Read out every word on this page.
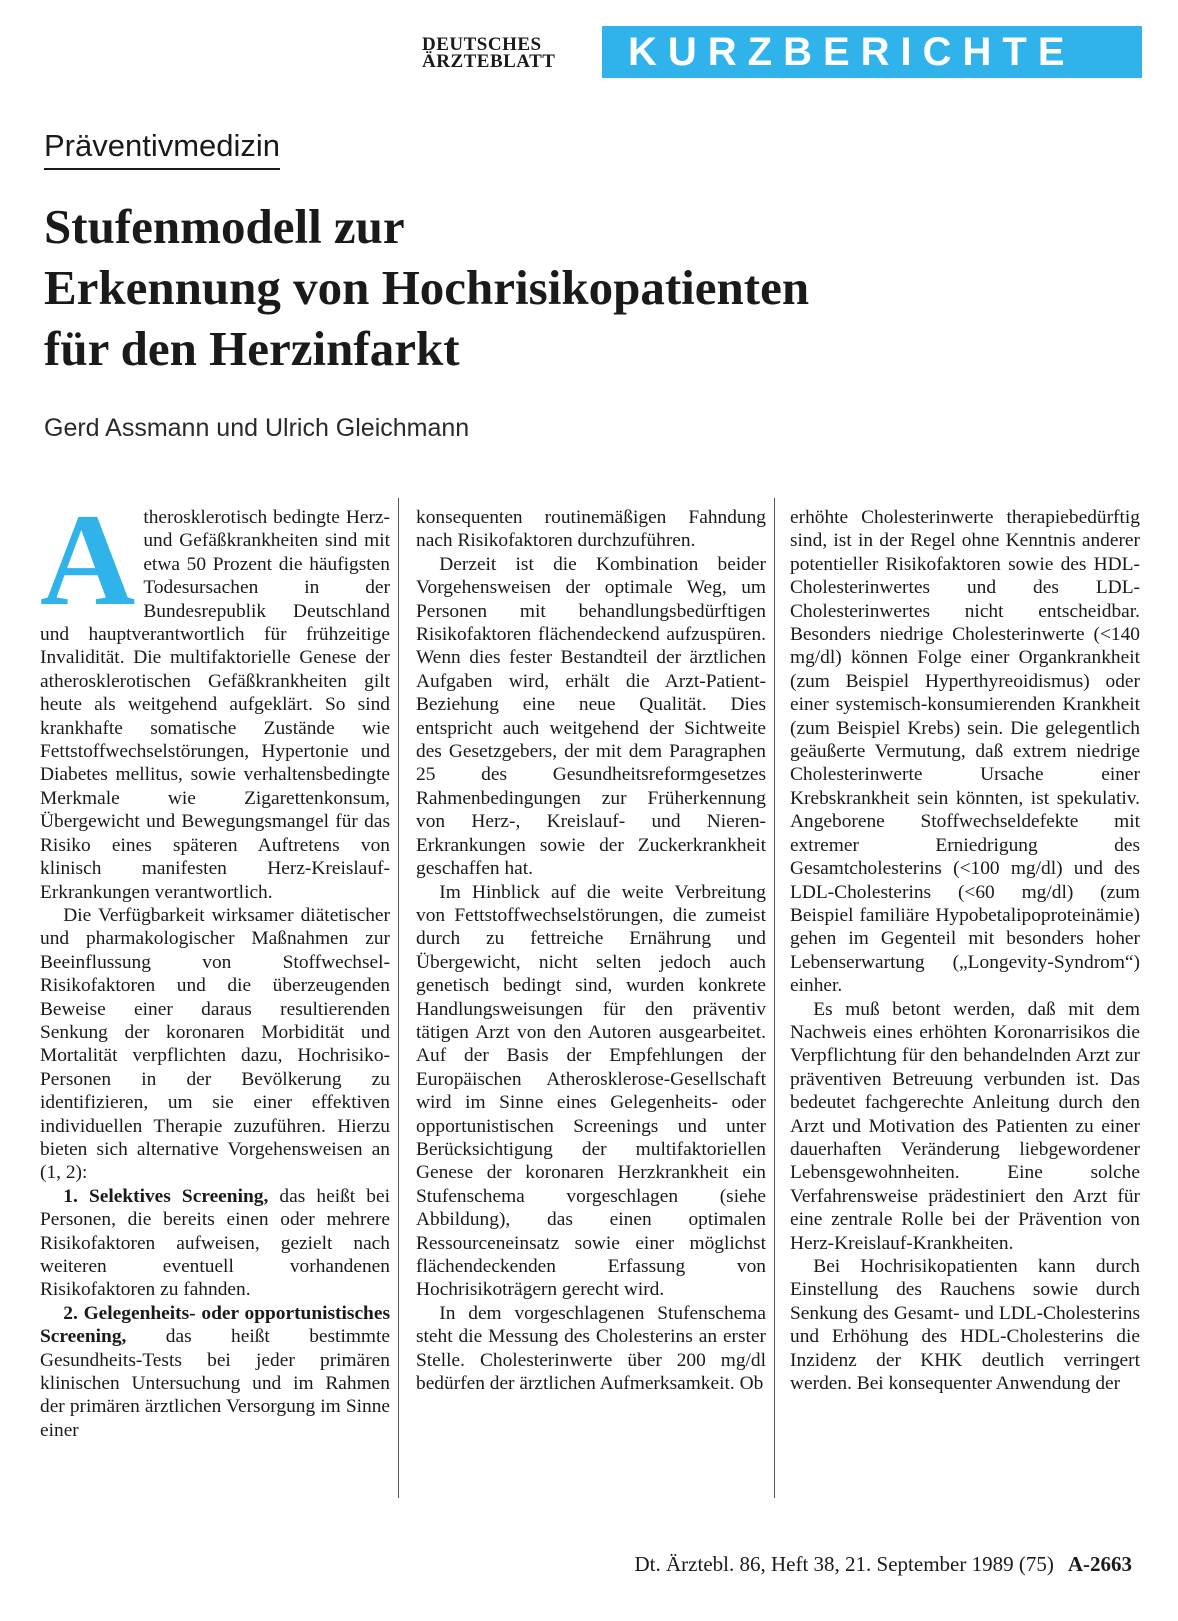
DEUTSCHES
ÄRZTEBLATT	KURZBERICHTE
Präventivmedizin
Stufenmodell zur
Erkennung von Hochrisikopatienten
für den Herzinfarkt
Gerd Assmann und Ulrich Gleichmann

Atherosklerotisch bedingte Herz- und Gefäßkrankheiten sind mit etwa 50 Prozent die häufigsten Todesursachen in der Bundesrepublik Deutschland und hauptverantwortlich für frühzeitige Invalidität. Die multifaktorielle Genese der atherosklerotischen Gefäßkrankheiten gilt heute als weitgehend aufgeklärt. So sind krankhafte somatische Zustände wie Fettstoffwechselstörungen, Hypertonie und Diabetes mellitus, sowie verhaltensbedingte Merkmale wie Zigarettenkonsum, Übergewicht und Bewegungsmangel für das Risiko eines späteren Auftretens von klinisch manifesten Herz-Kreislauf-Erkrankungen verantwortlich.

Die Verfügbarkeit wirksamer diätetischer und pharmakologischer Maßnahmen zur Beeinflussung von Stoffwechsel-Risikofaktoren und die überzeugenden Beweise einer daraus resultierenden Senkung der koronaren Morbidität und Mortalität verpflichten dazu, Hochrisiko-Personen in der Bevölkerung zu identifizieren, um sie einer effektiven individuellen Therapie zuzuführen. Hierzu bieten sich alternative Vorgehensweisen an (1, 2):

1. Selektives Screening, das heißt bei Personen, die bereits einen oder mehrere Risikofaktoren aufweisen, gezielt nach weiteren eventuell vorhandenen Risikofaktoren zu fahnden.

2. Gelegenheits- oder opportunistisches Screening, das heißt bestimmte Gesundheits-Tests bei jeder primären klinischen Untersuchung und im Rahmen der primären ärztlichen Versorgung im Sinne einer

konsequenten routinemäßigen Fahndung nach Risikofaktoren durchzuführen.

Derzeit ist die Kombination beider Vorgehensweisen der optimale Weg, um Personen mit behandlungsbedürftigen Risikofaktoren flächendeckend aufzuspüren. Wenn dies fester Bestandteil der ärztlichen Aufgaben wird, erhält die Arzt-Patient-Beziehung eine neue Qualität. Dies entspricht auch weitgehend der Sichtweite des Gesetzgebers, der mit dem Paragraphen 25 des Gesundheitsreformgesetzes Rahmenbedingungen zur Früherkennung von Herz-, Kreislauf- und Nieren-Erkrankungen sowie der Zuckerkrankheit geschaffen hat.

Im Hinblick auf die weite Verbreitung von Fettstoffwechselstörungen, die zumeist durch zu fettreiche Ernährung und Übergewicht, nicht selten jedoch auch genetisch bedingt sind, wurden konkrete Handlungsweisungen für den präventiv tätigen Arzt von den Autoren ausgearbeitet. Auf der Basis der Empfehlungen der Europäischen Atherosklerose-Gesellschaft wird im Sinne eines Gelegenheits- oder opportunistischen Screenings und unter Berücksichtigung der multifaktoriellen Genese der koronaren Herzkrankheit ein Stufenschema vorgeschlagen (siehe Abbildung), das einen optimalen Ressourceneinsatz sowie einer möglichst flächendeckenden Erfassung von Hochrisikoträgern gerecht wird.

In dem vorgeschlagenen Stufenschema steht die Messung des Cholesterins an erster Stelle. Cholesterinwerte über 200 mg/dl bedürfen der ärztlichen Aufmerksamkeit. Ob

erhöhte Cholesterinwerte therapiebedürftig sind, ist in der Regel ohne Kenntnis anderer potentieller Risikofaktoren sowie des HDL-Cholesterinwertes und des LDL-Cholesterinwertes nicht entscheidbar. Besonders niedrige Cholesterinwerte (<140 mg/dl) können Folge einer Organkrankheit (zum Beispiel Hyperthyreoidismus) oder einer systemisch-konsumierenden Krankheit (zum Beispiel Krebs) sein. Die gelegentlich geäußerte Vermutung, daß extrem niedrige Cholesterinwerte Ursache einer Krebskrankheit sein könnten, ist spekulativ. Angeborene Stoffwechseldefekte mit extremer Erniedrigung des Gesamtcholesterins (<100 mg/dl) und des LDL-Cholesterins (<60 mg/dl) (zum Beispiel familiäre Hypobetalipoproteinämie) gehen im Gegenteil mit besonders hoher Lebenserwartung („Longevity-Syndrom“) einher.

Es muß betont werden, daß mit dem Nachweis eines erhöhten Koronarrisikos die Verpflichtung für den behandelnden Arzt zur präventiven Betreuung verbunden ist. Das bedeutet fachgerechte Anleitung durch den Arzt und Motivation des Patienten zu einer dauerhaften Veränderung liebgewordener Lebensgewohnheiten. Eine solche Verfahrensweise prädestiniert den Arzt für eine zentrale Rolle bei der Prävention von Herz-Kreislauf-Krankheiten.

Bei Hochrisikopatienten kann durch Einstellung des Rauchens sowie durch Senkung des Gesamt- und LDL-Cholesterins und Erhöhung des HDL-Cholesterins die Inzidenz der KHK deutlich verringert werden. Bei konsequenter Anwendung der

Dt. Ärztebl. 86, Heft 38, 21. September 1989 (75) A-2663
